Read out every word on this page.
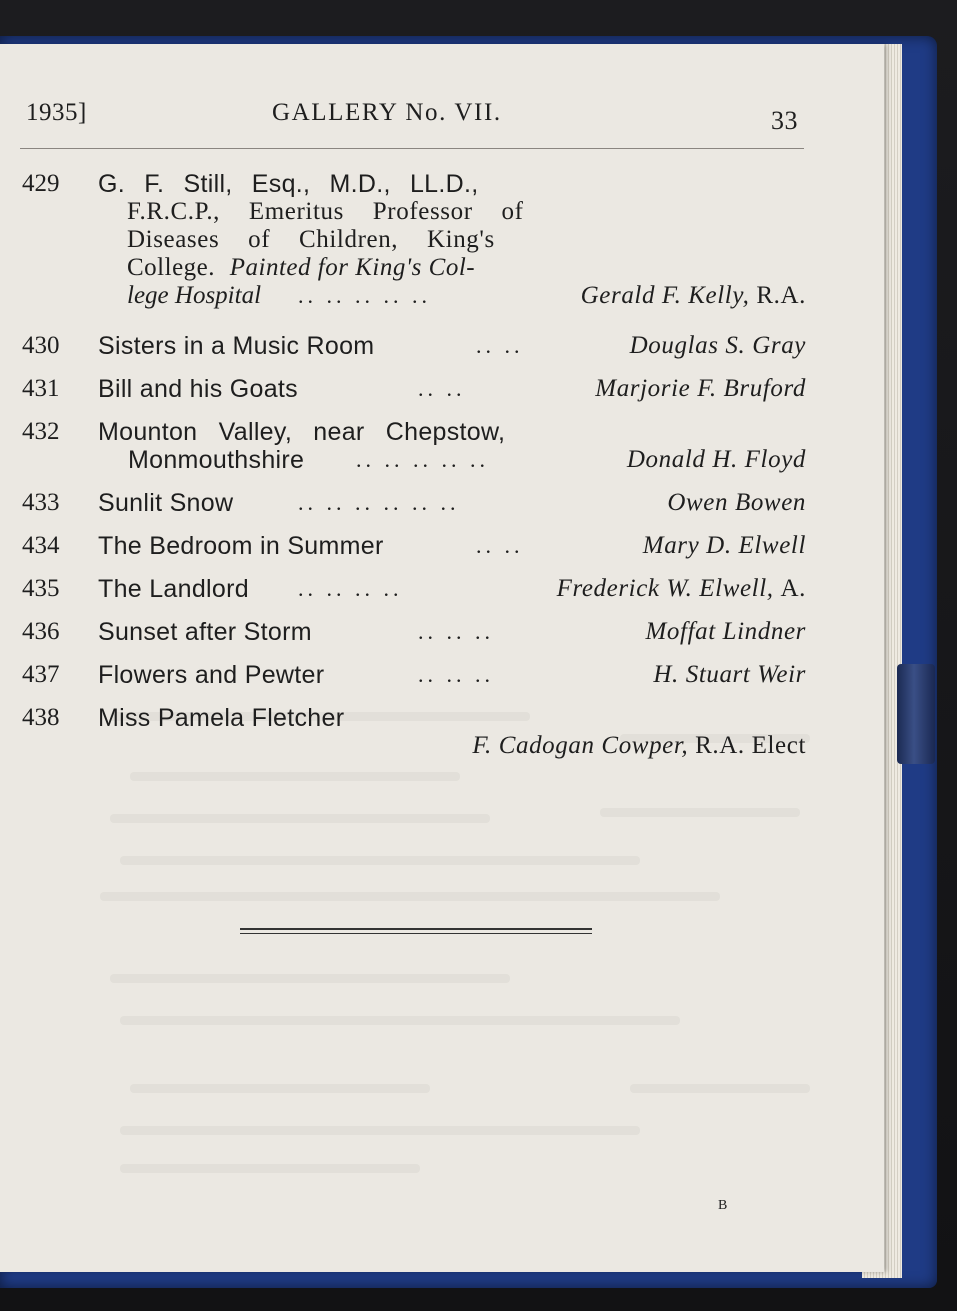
1935]	GALLERY No. VII.	33
429 G. F. Still, Esq., M.D., LL.D.,
F.R.C.P., Emeritus Professor of
Diseases of Children, King's
College. Painted for King's Col-
lege Hospital .. .. .. .. ..	Gerald F. Kelly, R.A.
430 Sisters in a Music Room	.. ..	Douglas S. Gray
431 Bill and his Goats	.. ..	Marjorie F. Bruford
432 Mounton Valley, near Chepstow,
Monmouthshire .. .. .. .. ..	Donald H. Floyd
433 Sunlit Snow	.. .. .. .. .. ..	Owen Bowen
434 The Bedroom in Summer	.. ..	Mary D. Elwell
435 The Landlord .. .. .. ..	Frederick W. Elwell, A.
436 Sunset after Storm	.. .. ..	Moffat Lindner
437 Flowers and Pewter	.. .. ..	H. Stuart Weir
438 Miss Pamela Fletcher
F. Cadogan Cowper, R.A. Elect
B
